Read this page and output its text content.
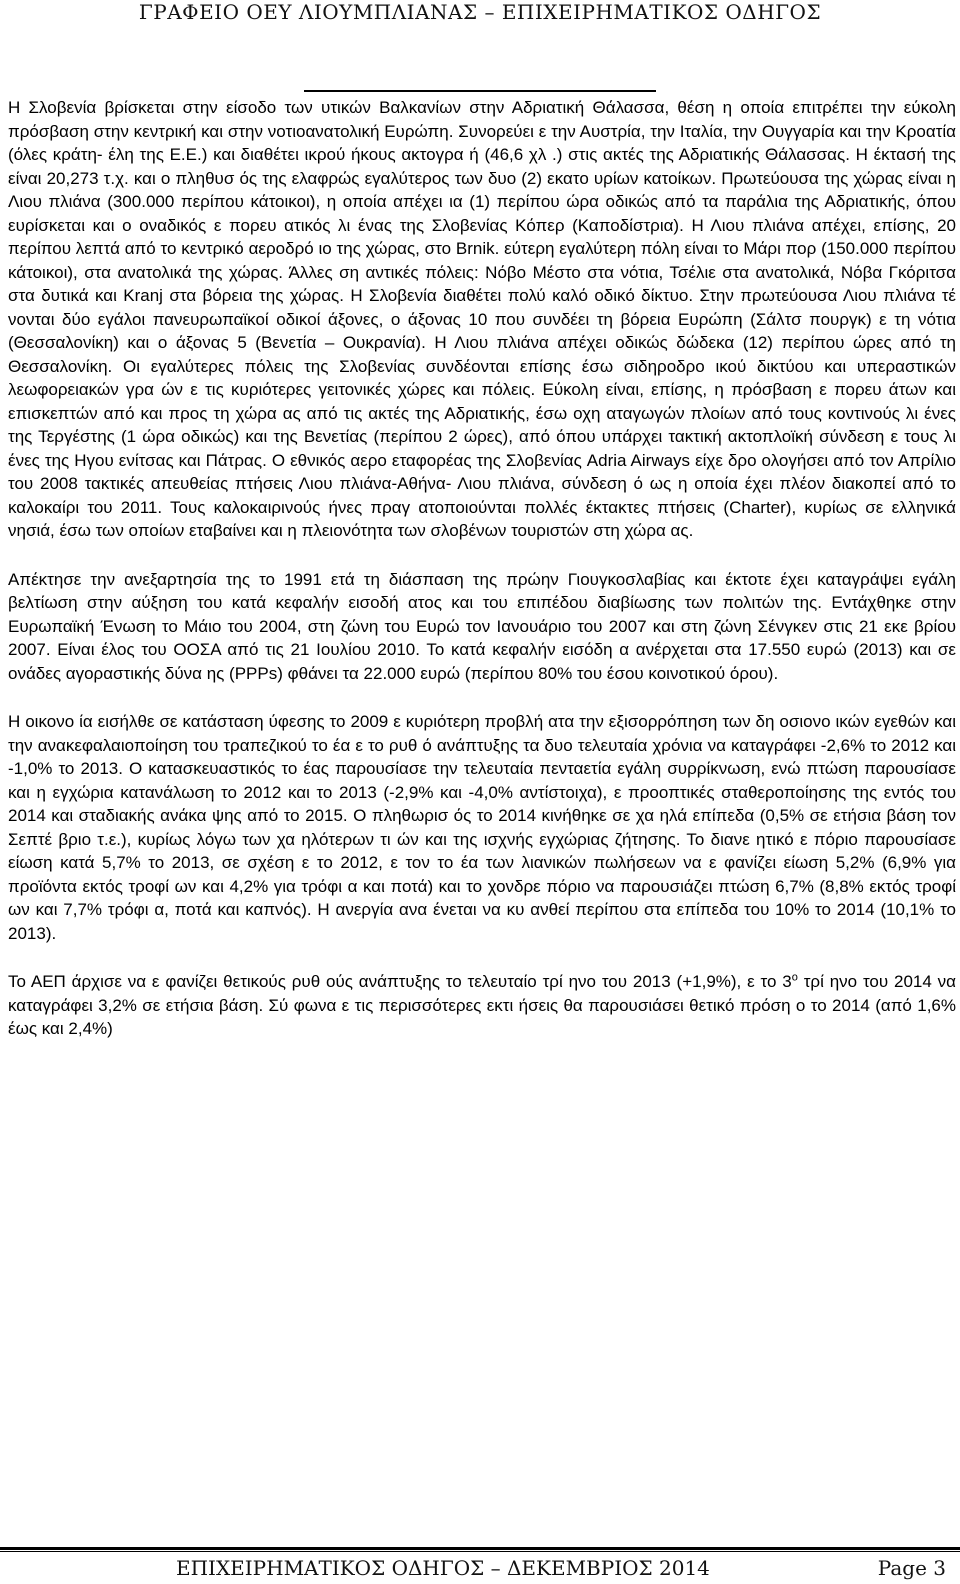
ΓΡΑΦΕΙΟ ΟΕΥ ΛΙΟΥΜΠΛΙΑΝΑΣ – ΕΠΙΧΕΙΡΗΜΑΤΙΚΟΣ ΟΔΗΓΟΣ

Η Σλοβενία βρίσκεται στην είσοδο των υτικών Βαλκανίων στην Αδριατική Θάλασσα, θέση η οποία επιτρέπει την εύκολη πρόσβαση στην κεντρική και στην νοτιοανατολική Ευρώπη. Συνορεύει ε την Αυστρία, την Ιταλία, την Ουγγαρία και την Κροατία (όλες κράτη- έλη της Ε.Ε.) και διαθέτει ικρού ήκους ακτογρα ή (46,6 χλ .) στις ακτές της Αδριατικής Θάλασσας. Η έκτασή της είναι 20,273 τ.χ. και ο πληθυσ ός της ελαφρώς εγαλύτερος των δυο (2) εκατο υρίων κατοίκων. Πρωτεύουσα της χώρας είναι η Λιου πλιάνα (300.000 περίπου κάτοικοι), η οποία απέχει ια (1) περίπου ώρα οδικώς από τα παράλια της Αδριατικής, όπου ευρίσκεται και ο οναδικός ε πορευ ατικός λι ένας της Σλοβενίας Κόπερ (Καποδίστρια). Η Λιου πλιάνα απέχει, επίσης, 20 περίπου λεπτά από το κεντρικό αεροδρό ιο της χώρας, στο Brnik. εύτερη εγαλύτερη πόλη είναι το Μάρι πορ (150.000 περίπου κάτοικοι), στα ανατολικά της χώρας. Άλλες ση αντικές πόλεις: Νόβο Μέστο στα νότια, Τσέλιε στα ανατολικά, Νόβα Γκόριτσα στα δυτικά και Kranj στα βόρεια της χώρας. Η Σλοβενία διαθέτει πολύ καλό οδικό δίκτυο. Στην πρωτεύουσα Λιου πλιάνα τέ νονται δύο εγάλοι πανευρωπαϊκοί οδικοί άξονες, ο άξονας 10 που συνδέει τη βόρεια Ευρώπη (Σάλτσ πουργκ) ε τη νότια (Θεσσαλονίκη) και ο άξονας 5 (Βενετία – Ουκρανία). Η Λιου πλιάνα απέχει οδικώς δώδεκα (12) περίπου ώρες από τη Θεσσαλονίκη. Οι εγαλύτερες πόλεις της Σλοβενίας συνδέονται επίσης έσω σιδηροδρο ικού δικτύου και υπεραστικών λεωφορειακών γρα ών ε τις κυριότερες γειτονικές χώρες και πόλεις. Εύκολη είναι, επίσης, η πρόσβαση ε πορευ άτων και επισκεπτών από και προς τη χώρα ας από τις ακτές της Αδριατικής, έσω οχη αταγωγών πλοίων από τους κοντινούς λι ένες της Τεργέστης (1 ώρα οδικώς) και της Βενετίας (περίπου 2 ώρες), από όπου υπάρχει τακτική ακτοπλοϊκή σύνδεση ε τους λι ένες της Ηγου ενίτσας και Πάτρας. Ο εθνικός αερο εταφορέας της Σλοβενίας Adria Airways είχε δρο ολογήσει από τον Απρίλιο του 2008 τακτικές απευθείας πτήσεις Λιου πλιάνα-Αθήνα- Λιου πλιάνα, σύνδεση ό ως η οποία έχει πλέον διακοπεί από το καλοκαίρι του 2011. Τους καλοκαιρινούς ήνες πραγ ατοποιούνται πολλές έκτακτες πτήσεις (Charter), κυρίως σε ελληνικά νησιά, έσω των οποίων εταβαίνει και η πλειονότητα των σλοβένων τουριστών στη χώρα ας.

Απέκτησε την ανεξαρτησία της το 1991 ετά τη διάσπαση της πρώην Γιουγκοσλαβίας και έκτοτε έχει καταγράψει εγάλη βελτίωση στην αύξηση του κατά κεφαλήν εισοδή ατος και του επιπέδου διαβίωσης των πολιτών της. Εντάχθηκε στην Ευρωπαϊκή Ένωση το Μάιο του 2004, στη ζώνη του Ευρώ τον Ιανουάριο του 2007 και στη ζώνη Σένγκεν στις 21 εκε βρίου 2007. Είναι έλος του ΟΟΣΑ από τις 21 Ιουλίου 2010. Το κατά κεφαλήν εισόδη α ανέρχεται στα 17.550 ευρώ (2013) και σε ονάδες αγοραστικής δύνα ης (PPPs) φθάνει τα 22.000 ευρώ (περίπου 80% του έσου κοινοτικού όρου).

Η οικονο ία εισήλθε σε κατάσταση ύφεσης το 2009 ε κυριότερη προβλή ατα την εξισορρόπηση των δη οσιονο ικών εγεθών και την ανακεφαλαιοποίηση του τραπεζικού το έα ε το ρυθ ό ανάπτυξης τα δυο τελευταία χρόνια να καταγράφει -2,6% το 2012 και -1,0% το 2013. Ο κατασκευαστικός το έας παρουσίασε την τελευταία πενταετία εγάλη συρρίκνωση, ενώ πτώση παρουσίασε και η εγχώρια κατανάλωση το 2012 και το 2013 (-2,9% και -4,0% αντίστοιχα), ε προοπτικές σταθεροποίησης της εντός του 2014 και σταδιακής ανάκα ψης από το 2015. Ο πληθωρισ ός το 2014 κινήθηκε σε χα ηλά επίπεδα (0,5% σε ετήσια βάση τον Σεπτέ βριο τ.ε.), κυρίως λόγω των χα ηλότερων τι ών και της ισχνής εγχώριας ζήτησης. Το διανε ητικό ε πόριο παρουσίασε είωση κατά 5,7% το 2013, σε σχέση ε το 2012, ε τον το έα των λιανικών πωλήσεων να ε φανίζει είωση 5,2% (6,9% για προϊόντα εκτός τροφί ων και 4,2% για τρόφι α και ποτά) και το χονδρε πόριο να παρουσιάζει πτώση 6,7% (8,8% εκτός τροφί ων και 7,7% τρόφι α, ποτά και καπνός). Η ανεργία ανα ένεται να κυ ανθεί περίπου στα επίπεδα του 10% το 2014 (10,1% το 2013).

Το ΑΕΠ άρχισε να ε φανίζει θετικούς ρυθ ούς ανάπτυξης το τελευταίο τρί ηνο του 2013 (+1,9%), ε το $3^o$ τρί ηνο του 2014 να καταγράφει 3,2% σε ετήσια βάση. Σύ φωνα ε τις περισσότερες εκτι ήσεις θα παρουσιάσει θετικό πρόση ο το 2014 (από 1,6% έως και 2,4%)

ΕΠΙΧΕΙΡΗΜΑΤΙΚΟΣ ΟΔΗΓΟΣ – ΔΕΚΕΜΒΡΙΟΣ 2014	Page 3
